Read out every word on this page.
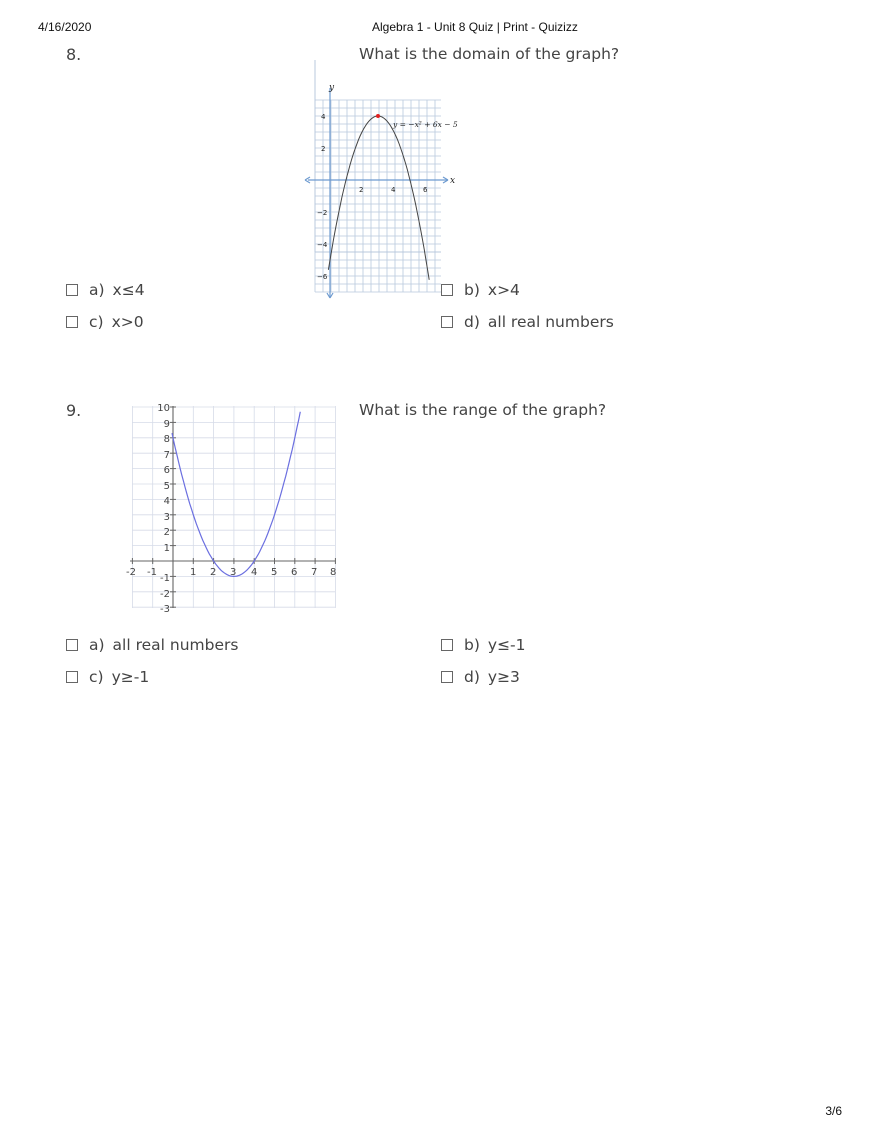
4/16/2020	Algebra 1 - Unit 8 Quiz | Print - Quizizz
8.	What is the domain of the graph?
y
x
y = −x² + 6x − 5
2	4	6
4
2
−2
−4
−6
a) x≤4	b) x>4
c) x>0	d) all real numbers
9.	What is the range of the graph?
-2 -1	1 2 3 4 5 6 7 8
10
9
8
7
6
5
4
3
2
1
-1
-2
-3
a) all real numbers	b) y≤-1
c) y≥-1	d) y≥3
3/6
